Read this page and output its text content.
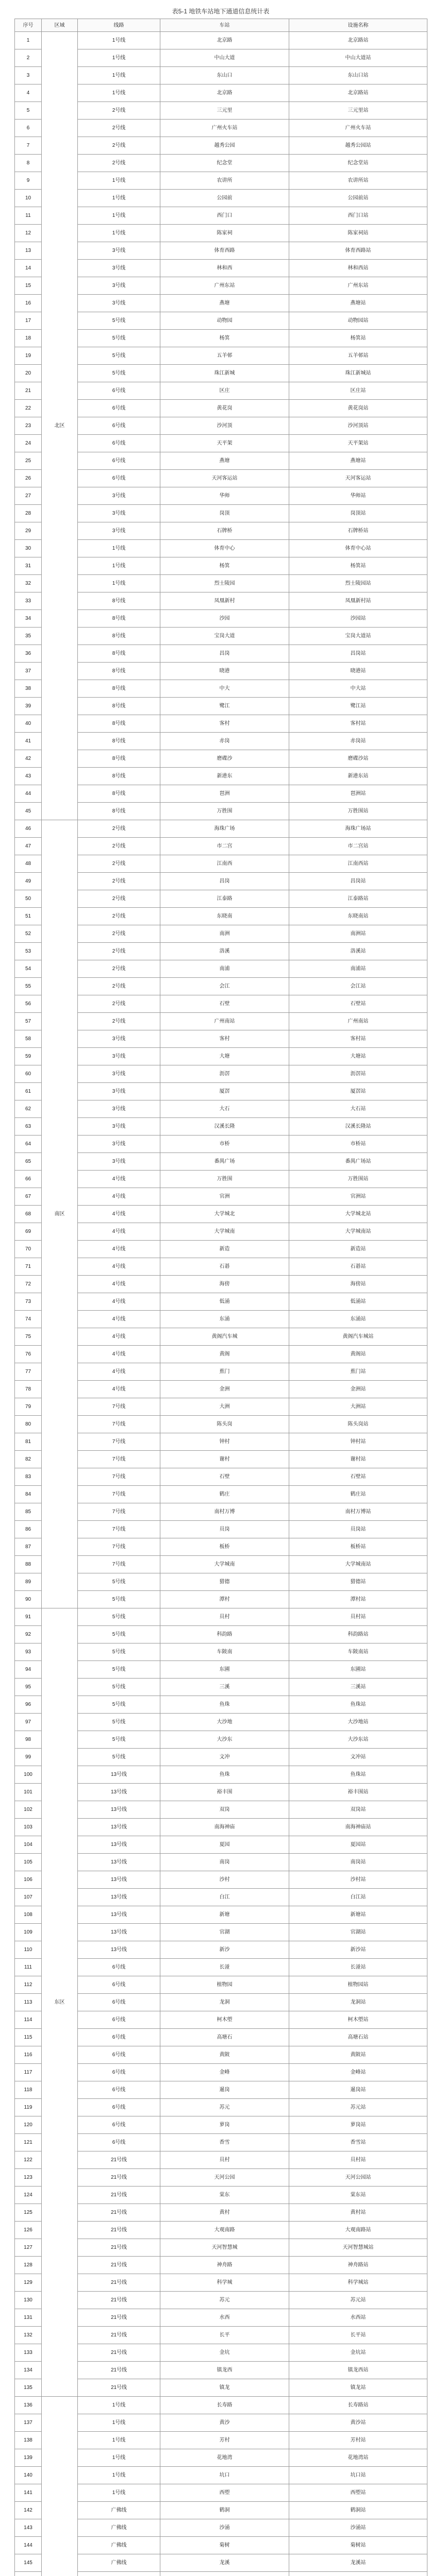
表5-1 地铁车站地下通道信息统计表
序号	区域	线路	车站	设施名称
1	北区	1号线	北京路	北京路站
2		1号线	中山大道	中山大道站
3		1号线	东山口	东山口站
4		1号线	北京路	北京路站
5		2号线	三元里	三元里站
6		2号线	广州火车站	广州火车站
7		2号线	越秀公园	越秀公园站
8		2号线	纪念堂	纪念堂站
9		1号线	农讲所	农讲所站
10		1号线	公园前	公园前站
11		1号线	西门口	西门口站
12		1号线	陈家祠	陈家祠站
13		3号线	体育西路	体育西路站
14		3号线	林和西	林和西站
15		3号线	广州东站	广州东站
16		3号线	燕塘	燕塘站
17		5号线	动物园	动物园站
18		5号线	杨箕	杨箕站
19		5号线	五羊邨	五羊邨站
20		5号线	珠江新城	珠江新城站
21		6号线	区庄	区庄站
22		6号线	黄花岗	黄花岗站
23		6号线	沙河顶	沙河顶站
24		6号线	天平架	天平架站
25		6号线	燕塘	燕塘站
26		6号线	天河客运站	天河客运站
27		3号线	华师	华师站
28		3号线	岗顶	岗顶站
29		3号线	石牌桥	石牌桥站
30		1号线	体育中心	体育中心站
31		1号线	杨箕	杨箕站
32		1号线	烈士陵园	烈士陵园站
33		8号线	凤凰新村	凤凰新村站
34		8号线	沙园	沙园站
35		8号线	宝岗大道	宝岗大道站
36		8号线	昌岗	昌岗站
37		8号线	晓港	晓港站
38		8号线	中大	中大站
39		8号线	鹭江	鹭江站
40		8号线	客村	客村站
41		8号线	赤岗	赤岗站
42		8号线	磨碟沙	磨碟沙站
43		8号线	新港东	新港东站
44		8号线	琶洲	琶洲站
45		8号线	万胜围	万胜围站
46	南区	2号线	海珠广场	海珠广场站
47		2号线	市二宫	市二宫站
48		2号线	江南西	江南西站
49		2号线	昌岗	昌岗站
50		2号线	江泰路	江泰路站
51		2号线	东晓南	东晓南站
52		2号线	南洲	南洲站
53		2号线	洛溪	洛溪站
54		2号线	南浦	南浦站
55		2号线	会江	会江站
56		2号线	石壁	石壁站
57		2号线	广州南站	广州南站
58		3号线	客村	客村站
59		3号线	大塘	大塘站
60		3号线	沥滘	沥滘站
61		3号线	厦滘	厦滘站
62		3号线	大石	大石站
63		3号线	汉溪长隆	汉溪长隆站
64		3号线	市桥	市桥站
65		3号线	番禺广场	番禺广场站
66		4号线	万胜围	万胜围站
67		4号线	官洲	官洲站
68		4号线	大学城北	大学城北站
69		4号线	大学城南	大学城南站
70		4号线	新造	新造站
71		4号线	石碁	石碁站
72		4号线	海傍	海傍站
73		4号线	低涌	低涌站
74		4号线	东涌	东涌站
75		4号线	黄阁汽车城	黄阁汽车城站
76		4号线	黄阁	黄阁站
77		4号线	蕉门	蕉门站
78		4号线	金洲	金洲站
79		7号线	大洲	大洲站
80		7号线	陈头岗	陈头岗站
81		7号线	钟村	钟村站
82		7号线	谢村	谢村站
83		7号线	石壁	石壁站
84		7号线	鹤庄	鹤庄站
85		7号线	南村万博	南村万博站
86		7号线	员岗	员岗站
87		7号线	板桥	板桥站
88		7号线	大学城南	大学城南站
89		5号线	猎德	猎德站
90		5号线	潭村	潭村站
91	东区	5号线	员村	员村站
92		5号线	科韵路	科韵路站
93		5号线	车陂南	车陂南站
94		5号线	东圃	东圃站
95		5号线	三溪	三溪站
96		5号线	鱼珠	鱼珠站
97		5号线	大沙地	大沙地站
98		5号线	大沙东	大沙东站
99		5号线	文冲	文冲站
100		13号线	鱼珠	鱼珠站
101		13号线	裕丰围	裕丰围站
102		13号线	双岗	双岗站
103		13号线	南海神庙	南海神庙站
104		13号线	夏园	夏园站
105		13号线	南岗	南岗站
106		13号线	沙村	沙村站
107		13号线	白江	白江站
108		13号线	新塘	新塘站
109		13号线	官湖	官湖站
110		13号线	新沙	新沙站
111		6号线	长湴	长湴站
112		6号线	植物园	植物园站
113		6号线	龙洞	龙洞站
114		6号线	柯木塱	柯木塱站
115		6号线	高塘石	高塘石站
116		6号线	黄陂	黄陂站
117		6号线	金峰	金峰站
118		6号线	暹岗	暹岗站
119		6号线	苏元	苏元站
120		6号线	萝岗	萝岗站
121		6号线	香雪	香雪站
122		21号线	员村	员村站
123		21号线	天河公园	天河公园站
124		21号线	棠东	棠东站
125		21号线	黄村	黄村站
126		21号线	大观南路	大观南路站
127		21号线	天河智慧城	天河智慧城站
128		21号线	神舟路	神舟路站
129		21号线	科学城	科学城站
130		21号线	苏元	苏元站
131		21号线	水西	水西站
132		21号线	长平	长平站
133		21号线	金坑	金坑站
134		21号线	镇龙西	镇龙西站
135		21号线	镇龙	镇龙站
136		1号线	长寿路	长寿路站
137		1号线	黄沙	黄沙站
138		1号线	芳村	芳村站
139		1号线	花地湾	花地湾站
140		1号线	坑口	坑口站
141		1号线	西塱	西塱站
142		广佛线	鹤洞	鹤洞站
143		广佛线	沙涌	沙涌站
144		广佛线	菊树	菊树站
145		广佛线	龙溪	龙溪站
